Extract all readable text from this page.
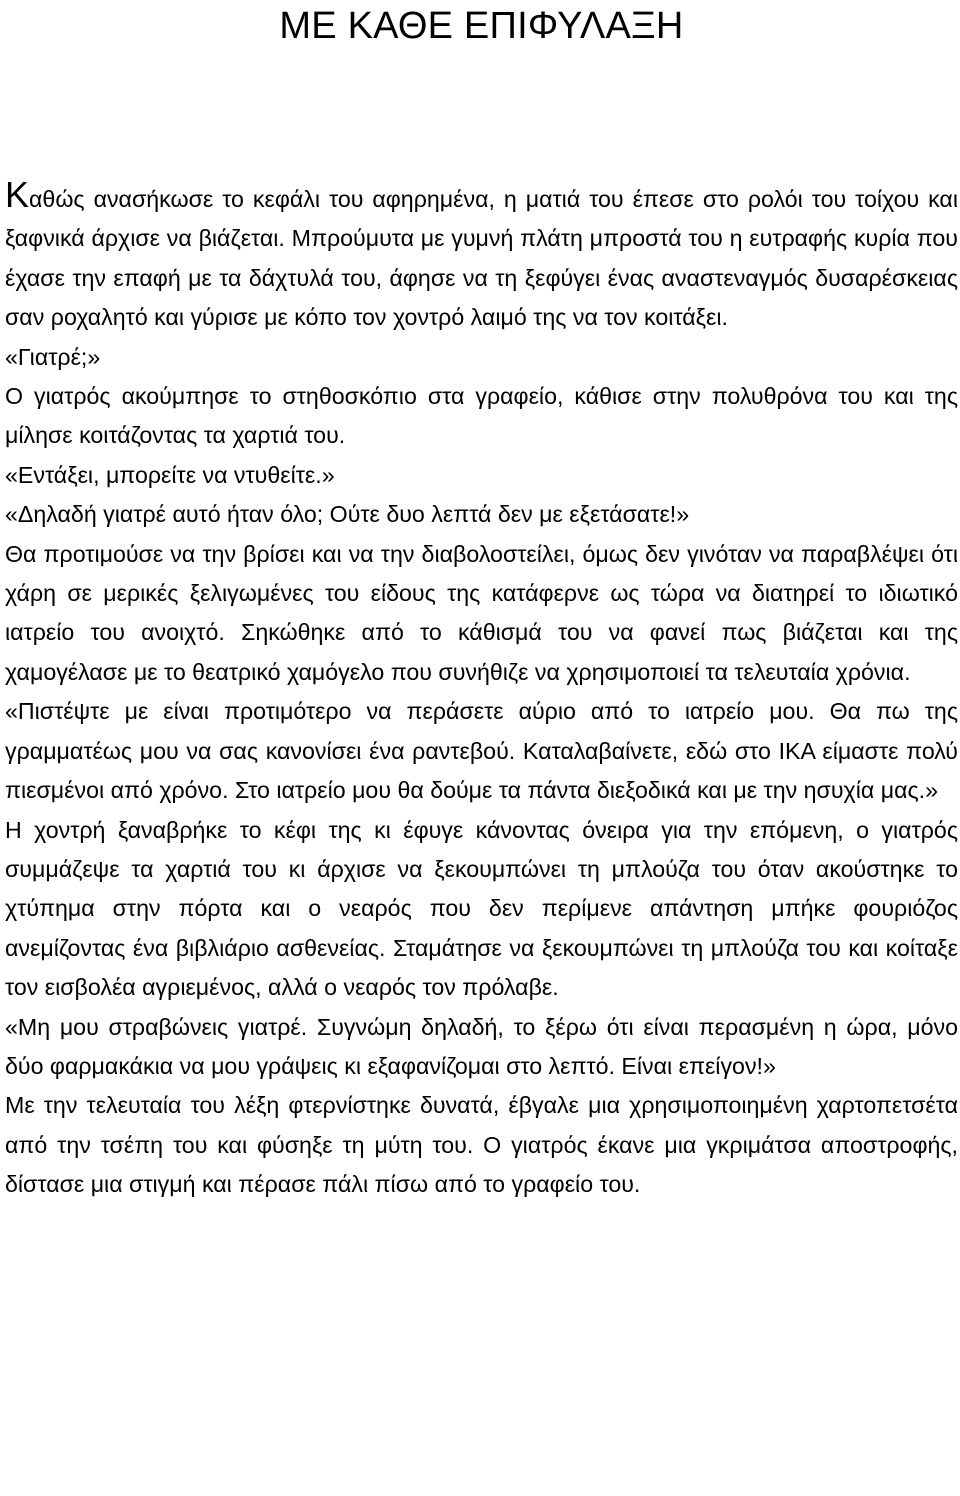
ΜΕ ΚΑΘΕ ΕΠΙΦΥΛΑΞΗ

Καθώς ανασήκωσε το κεφάλι του αφηρημένα, η ματιά του έπεσε στο ρολόι του τοίχου και ξαφνικά άρχισε να βιάζεται. Μπρούμυτα με γυμνή πλάτη μπροστά του η ευτραφής κυρία που έχασε την επαφή με τα δάχτυλά του, άφησε να τη ξεφύγει ένας αναστεναγμός δυσαρέσκειας σαν ροχαλητό και γύρισε με κόπο τον χοντρό λαιμό της να τον κοιτάξει.

«Γιατρέ;»

Ο γιατρός ακούμπησε το στηθοσκόπιο στα γραφείο, κάθισε στην πολυθρόνα του και της μίλησε κοιτάζοντας τα χαρτιά του.

«Εντάξει, μπορείτε να ντυθείτε.»

«Δηλαδή γιατρέ αυτό ήταν όλο; Ούτε δυο λεπτά δεν με εξετάσατε!»

Θα προτιμούσε να την βρίσει και να την διαβολοστείλει, όμως δεν γινόταν να παραβλέψει ότι χάρη σε μερικές ξελιγωμένες του είδους της κατάφερνε ως τώρα να διατηρεί το ιδιωτικό ιατρείο του ανοιχτό. Σηκώθηκε από το κάθισμά του να φανεί πως βιάζεται και της χαμογέλασε με το θεατρικό χαμόγελο που συνήθιζε να χρησιμοποιεί τα τελευταία χρόνια.

«Πιστέψτε με είναι προτιμότερο να περάσετε αύριο από το ιατρείο μου. Θα πω της γραμματέως μου να σας κανονίσει ένα ραντεβού. Καταλαβαίνετε, εδώ στο ΙΚΑ είμαστε πολύ πιεσμένοι από χρόνο. Στο ιατρείο μου θα δούμε τα πάντα διεξοδικά και με την ησυχία μας.»

Η χοντρή ξαναβρήκε το κέφι της κι έφυγε κάνοντας όνειρα για την επόμενη, ο γιατρός συμμάζεψε τα χαρτιά του κι άρχισε να ξεκουμπώνει τη μπλούζα του όταν ακούστηκε το χτύπημα στην πόρτα και ο νεαρός που δεν περίμενε απάντηση μπήκε φουριόζος ανεμίζοντας ένα βιβλιάριο ασθενείας. Σταμάτησε να ξεκουμπώνει τη μπλούζα του και κοίταξε τον εισβολέα αγριεμένος, αλλά ο νεαρός τον πρόλαβε.

«Μη μου στραβώνεις γιατρέ. Συγνώμη δηλαδή, το ξέρω ότι είναι περασμένη η ώρα, μόνο δύο φαρμακάκια να μου γράψεις κι εξαφανίζομαι στο λεπτό. Είναι επείγον!»

Με την τελευταία του λέξη φτερνίστηκε δυνατά, έβγαλε μια χρησιμοποιημένη χαρτοπετσέτα από την τσέπη του και φύσηξε τη μύτη του. Ο γιατρός έκανε μια γκριμάτσα αποστροφής, δίστασε μια στιγμή και πέρασε πάλι πίσω από το γραφείο του.
